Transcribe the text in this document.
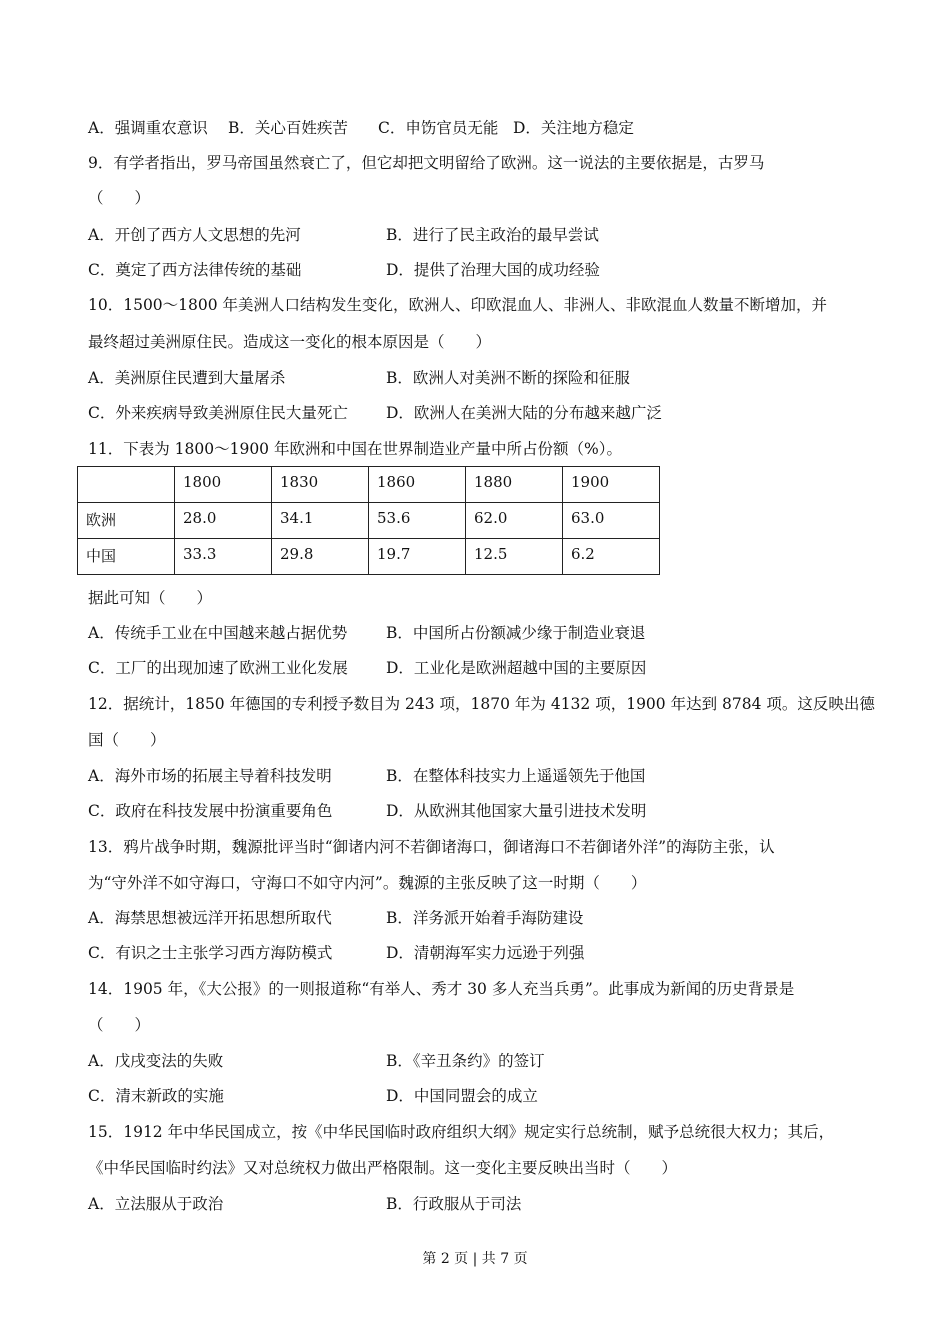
A．强调重农意识 B．关心百姓疾苦 C．申饬官员无能 D．关注地方稳定
9．有学者指出，罗马帝国虽然衰亡了，但它却把文明留给了欧洲。这一说法的主要依据是，古罗马
（　　）
A．开创了西方人文思想的先河	B．进行了民主政治的最早尝试
C．奠定了西方法律传统的基础	D．提供了治理大国的成功经验
10．1500～1800 年美洲人口结构发生变化，欧洲人、印欧混血人、非洲人、非欧混血人数量不断增加，并
最终超过美洲原住民。造成这一变化的根本原因是（　　）
A．美洲原住民遭到大量屠杀	B．欧洲人对美洲不断的探险和征服
C．外来疾病导致美洲原住民大量死亡 D．欧洲人在美洲大陆的分布越来越广泛
11．下表为 1800～1900 年欧洲和中国在世界制造业产量中所占份额（%）。
	1800	1830	1860	1880	1900
欧洲	28.0	34.1	53.6	62.0	63.0
中国	33.3	29.8	19.7	12.5	6.2
据此可知（　　）
A．传统手工业在中国越来越占据优势	B．中国所占份额减少缘于制造业衰退
C．工厂的出现加速了欧洲工业化发展 D．工业化是欧洲超越中国的主要原因
12．据统计，1850 年德国的专利授予数目为 243 项，1870 年为 4132 项，1900 年达到 8784 项。这反映出德
国（　　）
A．海外市场的拓展主导着科技发明	B．在整体科技实力上遥遥领先于他国
C．政府在科技发展中扮演重要角色	D．从欧洲其他国家大量引进技术发明
13．鸦片战争时期，魏源批评当时“御诸内河不若御诸海口，御诸海口不若御诸外洋”的海防主张，认
为“守外洋不如守海口，守海口不如守内河”。魏源的主张反映了这一时期（　　）
A．海禁思想被远洋开拓思想所取代	B．洋务派开始着手海防建设
C．有识之士主张学习西方海防模式	D．清朝海军实力远逊于列强
14．1905 年，《大公报》的一则报道称“有举人、秀才 30 多人充当兵勇”。此事成为新闻的历史背景是
（　　）
A．戊戌变法的失败	B．《辛丑条约》的签订
C．清末新政的实施	D．中国同盟会的成立
15．1912 年中华民国成立，按《中华民国临时政府组织大纲》规定实行总统制，赋予总统很大权力；其后，
《中华民国临时约法》又对总统权力做出严格限制。这一变化主要反映出当时（　　）
A．立法服从于政治	B．行政服从于司法
第 2 页 | 共 7 页
